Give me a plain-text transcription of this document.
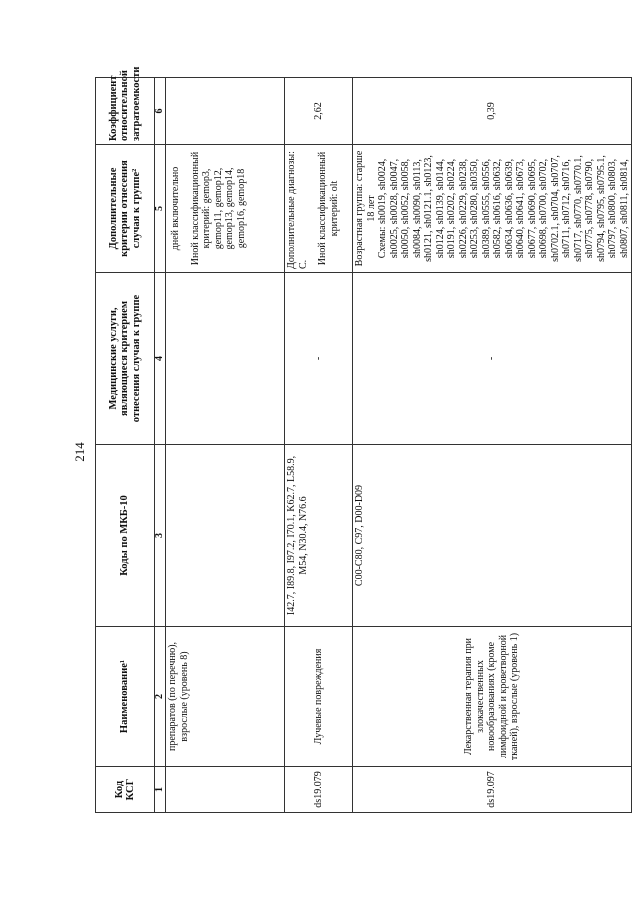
214
Код КСГ	Наименование¹	Коды по МКБ-10	Медицинские услуги, являющиеся критерием отнесения случая к группе	Дополнительные критерии отнесения случая к группе²	Коэффициент относительной затратоемкости
1	2	3	4	5	6
	препаратов (по перечню), взрослые (уровень 8)			дней включительно Иной классификационный критерий: gemop3, gemop11, gemop12, gemop13, gemop14, gemop16, gemop18	

ds19.079	Лучевые повреждения	I42.7, I89.8, I97.2, I70.1, K62.7, L58.9, M54, N30.4, N76.6	-	Дополнительные диагнозы: C. Иной классификационный критерий: olt	2,62
ds19.097	Лекарственная терапия при злокачественных новообразованиях (кроме лимфоидной и кроветворной тканей), взрослые (уровень 1)	C00-C80, C97, D00-D09	-	Возрастная группа: старше 18 лет Схемы: sh0019, sh0024, sh0025, sh0028, sh0047, sh0050, sh0052, sh0058, sh0084, sh0090, sh0113, sh0121, sh0121.1, sh0123, sh0124, sh0139, sh0144, sh0191, sh0202, sh0224, sh0226, sh0229, sh0238, sh0253, sh0280, sh0350, sh0389, sh0555, sh0556, sh0582, sh0616, sh0632, sh0634, sh0636, sh0639, sh0640, sh0641, sh0673, sh0677, sh0690, sh0695, sh0698, sh0700, sh0702, sh0702.1, sh0704, sh0707, sh0711, sh0712, sh0716, sh0717, sh0770, sh0770.1, sh0775, sh0778, sh0790, sh0794, sh0795, sh0795.1, sh0797, sh0800, sh0803, sh0807, sh0811, sh0814,	0,39
